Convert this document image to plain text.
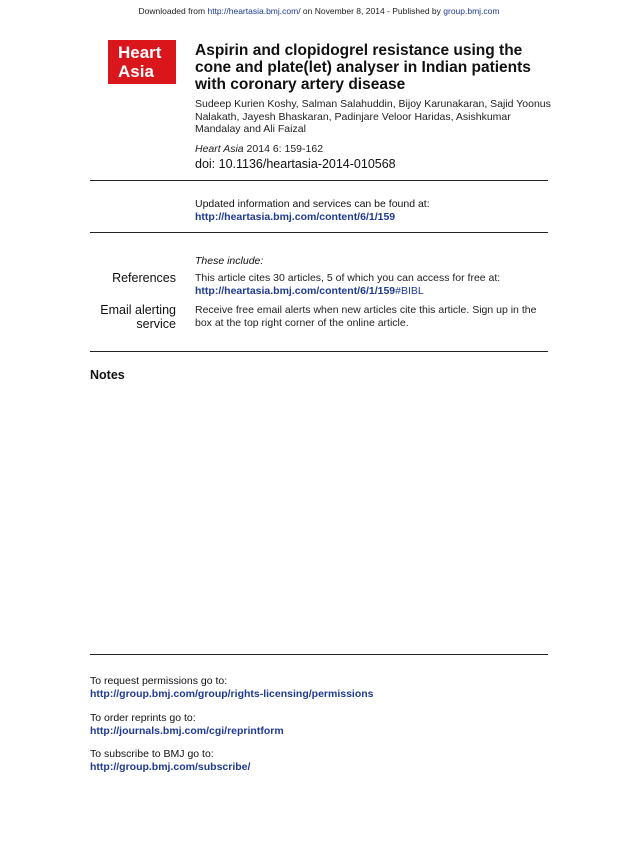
Downloaded from http://heartasia.bmj.com/ on November 8, 2014 - Published by group.bmj.com
Heart
Asia
Aspirin and clopidogrel resistance using the cone and plate(let) analyser in Indian patients with coronary artery disease
Sudeep Kurien Koshy, Salman Salahuddin, Bijoy Karunakaran, Sajid Yoonus Nalakath, Jayesh Bhaskaran, Padinjare Veloor Haridas, Asishkumar Mandalay and Ali Faizal
Heart Asia 2014 6: 159-162
doi: 10.1136/heartasia-2014-010568
Updated information and services can be found at:
http://heartasia.bmj.com/content/6/1/159
These include:
References This article cites 30 articles, 5 of which you can access for free at:
http://heartasia.bmj.com/content/6/1/159#BIBL
Email alerting
service
Receive free email alerts when new articles cite this article. Sign up in the box at the top right corner of the online article.
Notes
To request permissions go to:
http://group.bmj.com/group/rights-licensing/permissions
To order reprints go to:
http://journals.bmj.com/cgi/reprintform
To subscribe to BMJ go to:
http://group.bmj.com/subscribe/
